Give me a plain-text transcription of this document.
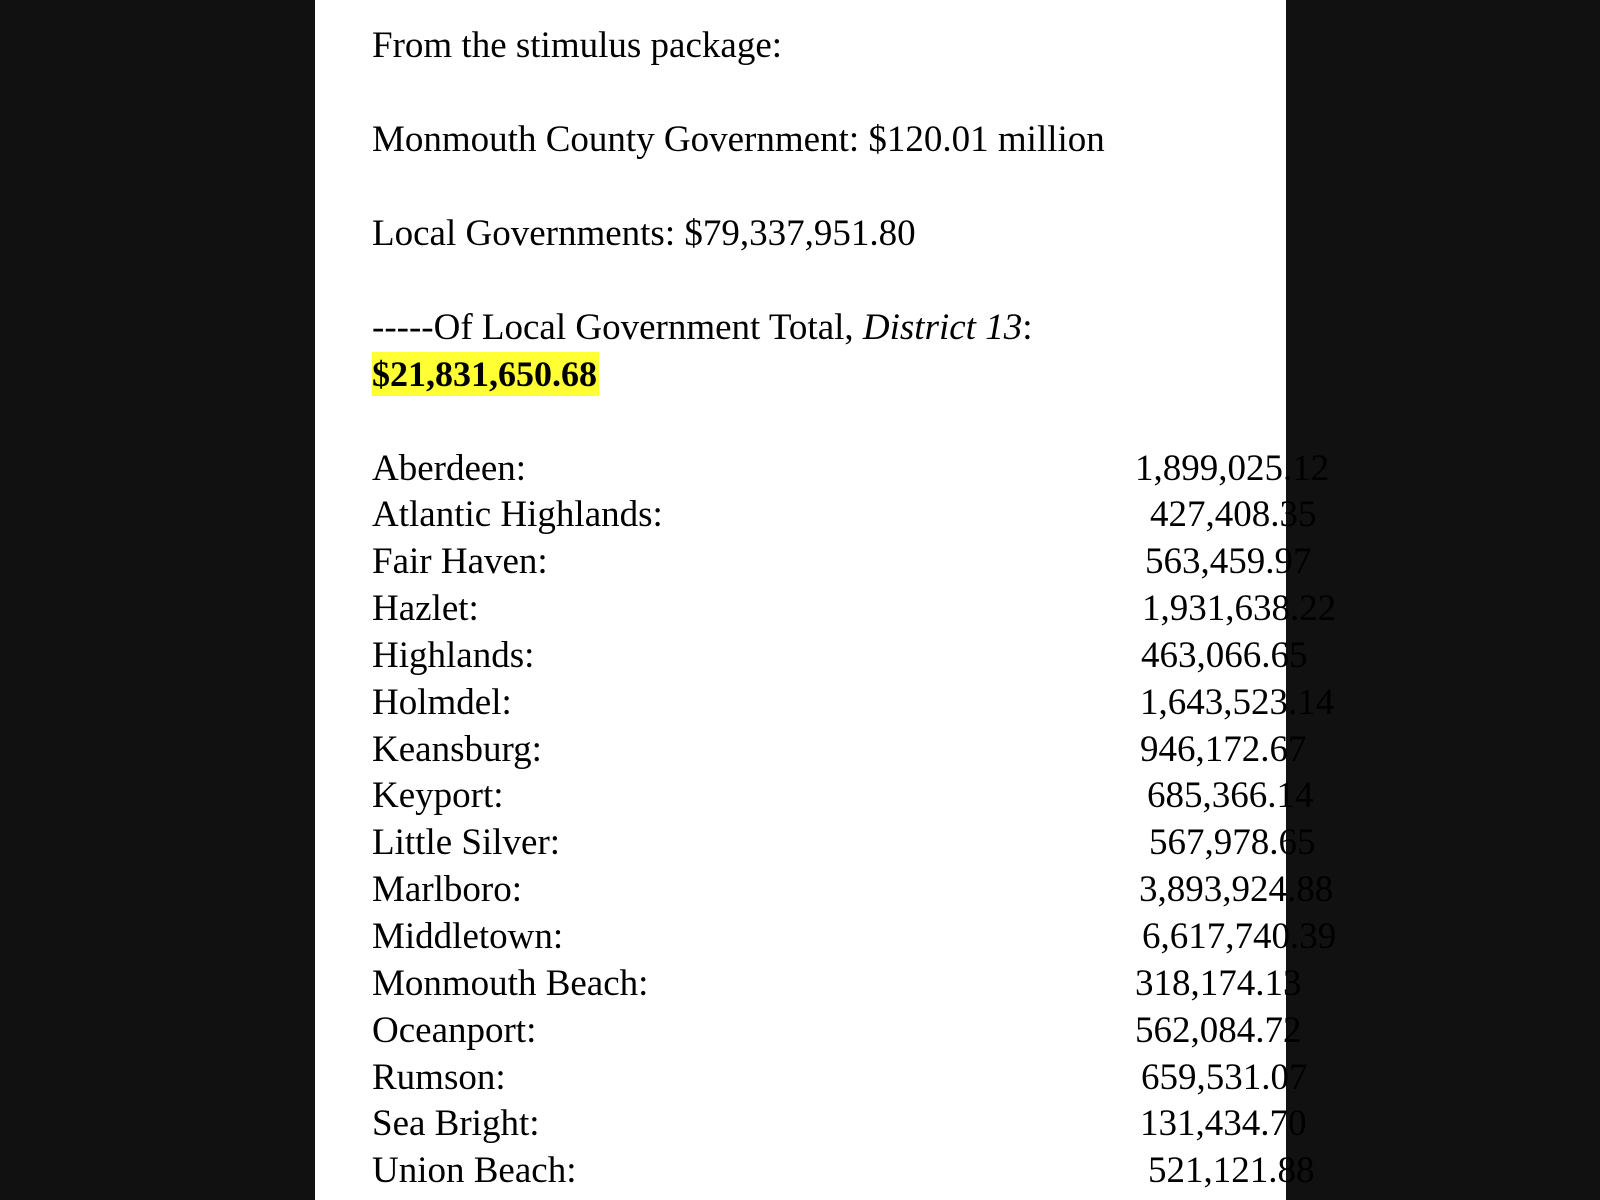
From the stimulus package:
Monmouth County Government: $120.01 million
Local Governments: $79,337,951.80
-----Of Local Government Total, District 13:
$21,831,650.68
Aberdeen:	1,899,025.12
Atlantic Highlands:	427,408.35
Fair Haven:	563,459.97
Hazlet:	1,931,638.22
Highlands:	463,066.65
Holmdel:	1,643,523.14
Keansburg:	946,172.67
Keyport:	685,366.14
Little Silver:	567,978.65
Marlboro:	3,893,924.88
Middletown:	6,617,740.39
Monmouth Beach:	318,174.13
Oceanport:	562,084.72
Rumson:	659,531.07
Sea Bright:	131,434.70
Union Beach:	521,121.88
